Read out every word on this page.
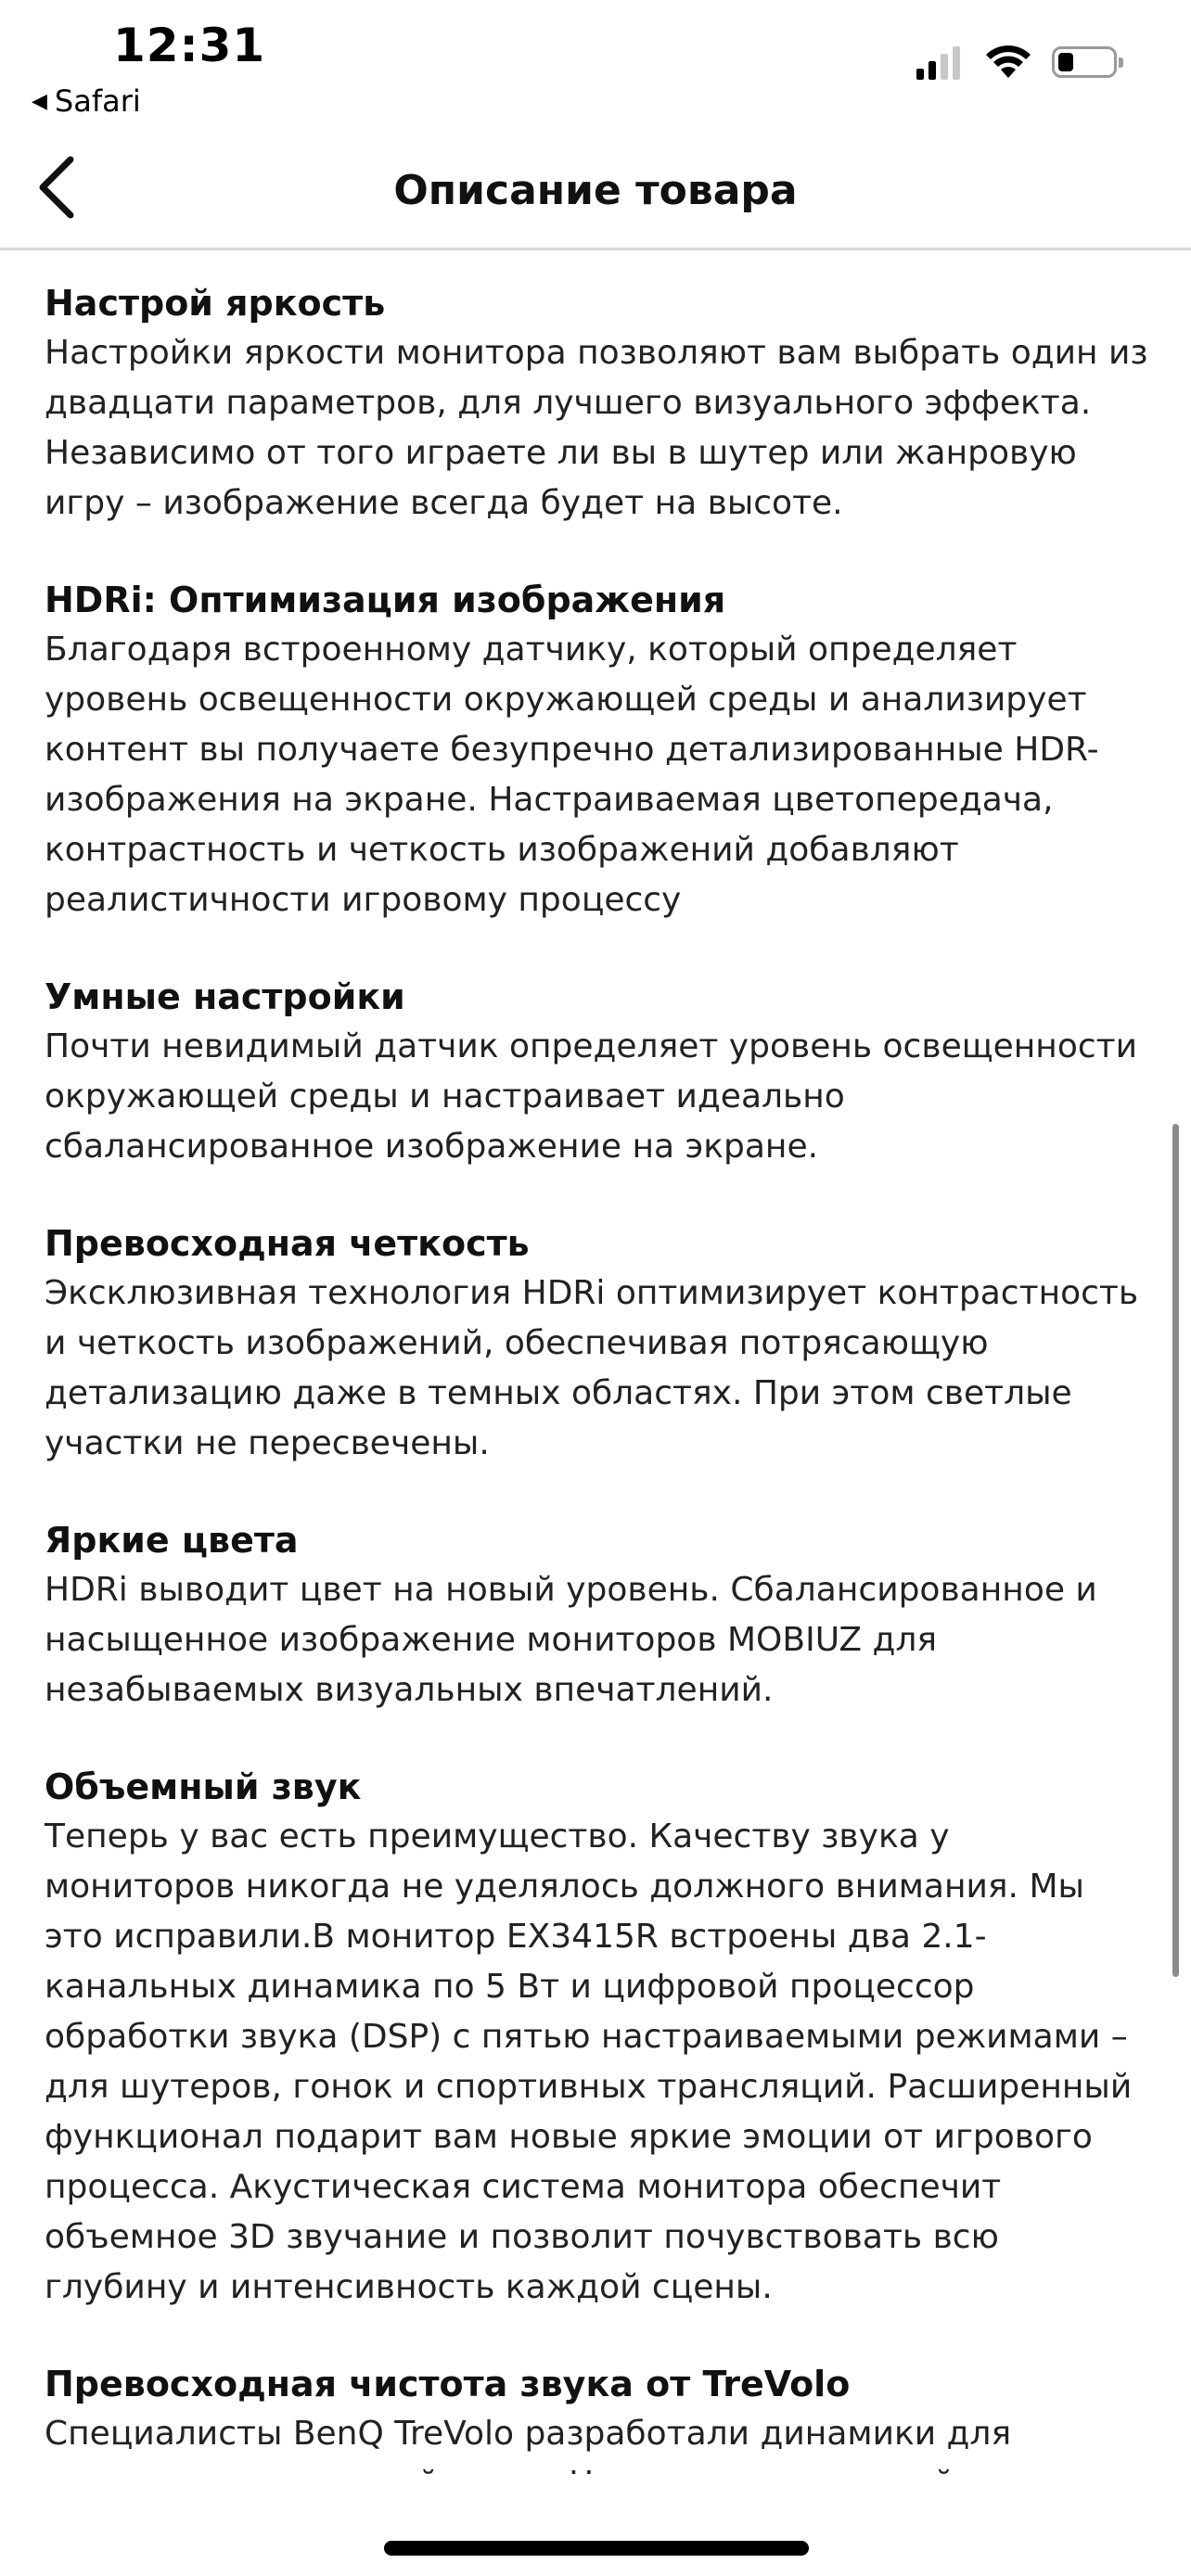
12:31
◀ Safari
Описание товара
Настрой яркость
Настройки яркости монитора позволяют вам выбрать один из двадцати параметров, для лучшего визуального эффекта. Независимо от того играете ли вы в шутер или жанровую игру – изображение всегда будет на высоте.
HDRi: Оптимизация изображения
Благодаря встроенному датчику, который определяет уровень освещенности окружающей среды и анализирует контент вы получаете безупречно детализированные HDR-изображения на экране. Настраиваемая цветопередача, контрастность и четкость изображений добавляют реалистичности игровому процессу
Умные настройки
Почти невидимый датчик определяет уровень освещенности окружающей среды и настраивает идеально сбалансированное изображение на экране.
Превосходная четкость
Эксклюзивная технология HDRi оптимизирует контрастность и четкость изображений, обеспечивая потрясающую детализацию даже в темных областях. При этом светлые участки не пересвечены.
Яркие цвета
HDRi выводит цвет на новый уровень. Сбалансированное и насыщенное изображение мониторов MOBIUZ для незабываемых визуальных впечатлений.
Объемный звук
Теперь у вас есть преимущество. Качеству звука у мониторов никогда не уделялось должного внимания. Мы это исправили.В монитор EX3415R встроены два 2.1-канальных динамика по 5 Вт и цифровой процессор обработки звука (DSP) с пятью настраиваемыми режимами – для шутеров, гонок и спортивных трансляций. Расширенный функционал подарит вам новые яркие эмоции от игрового процесса. Акустическая система монитора обеспечит объемное 3D звучание и позволит почувствовать всю глубину и интенсивность каждой сцены.
Превосходная чистота звука от TreVolo
Специалисты BenQ TreVolo разработали динамики для
